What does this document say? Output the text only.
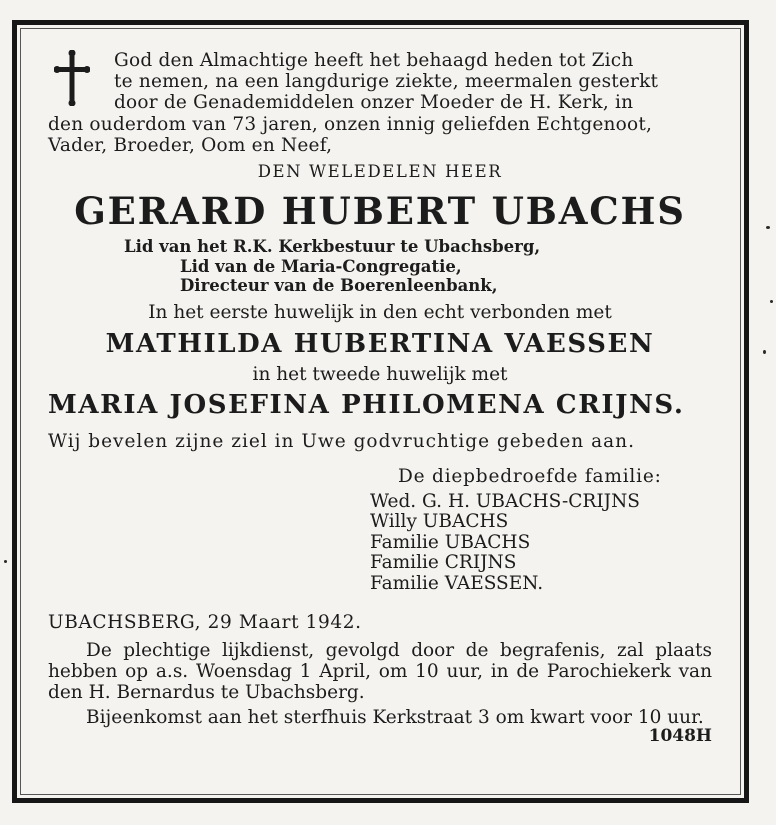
God den Almachtige heeft het behaagd heden tot Zich

te nemen, na een langdurige ziekte, meermalen gesterkt

door de Genademiddelen onzer Moeder de H. Kerk, in

den ouderdom van 73 jaren, onzen innig geliefden Echtgenoot,

Vader, Broeder, Oom en Neef,

DEN WELEDELEN HEER
GERARD HUBERT UBACHS
Lid van het R.K. Kerkbestuur te Ubachsberg,
Lid van de Maria-Congregatie,
Directeur van de Boerenleenbank,
In het eerste huwelijk in den echt verbonden met
MATHILDA HUBERTINA VAESSEN
in het tweede huwelijk met
MARIA JOSEFINA PHILOMENA CRIJNS.
Wij bevelen zijne ziel in Uwe godvruchtige gebeden aan.
De diepbedroefde familie:
Wed. G. H. UBACHS-CRIJNS
Willy UBACHS
Familie UBACHS
Familie CRIJNS
Familie VAESSEN.
UBACHSBERG, 29 Maart 1942.
De plechtige lijkdienst, gevolgd door de begrafenis, zal plaats hebben op a.s. Woensdag 1 April, om 10 uur, in de Parochiekerk van den H. Bernardus te Ubachsberg.
Bijeenkomst aan het sterfhuis Kerkstraat 3 om kwart voor 10 uur.
1048H
